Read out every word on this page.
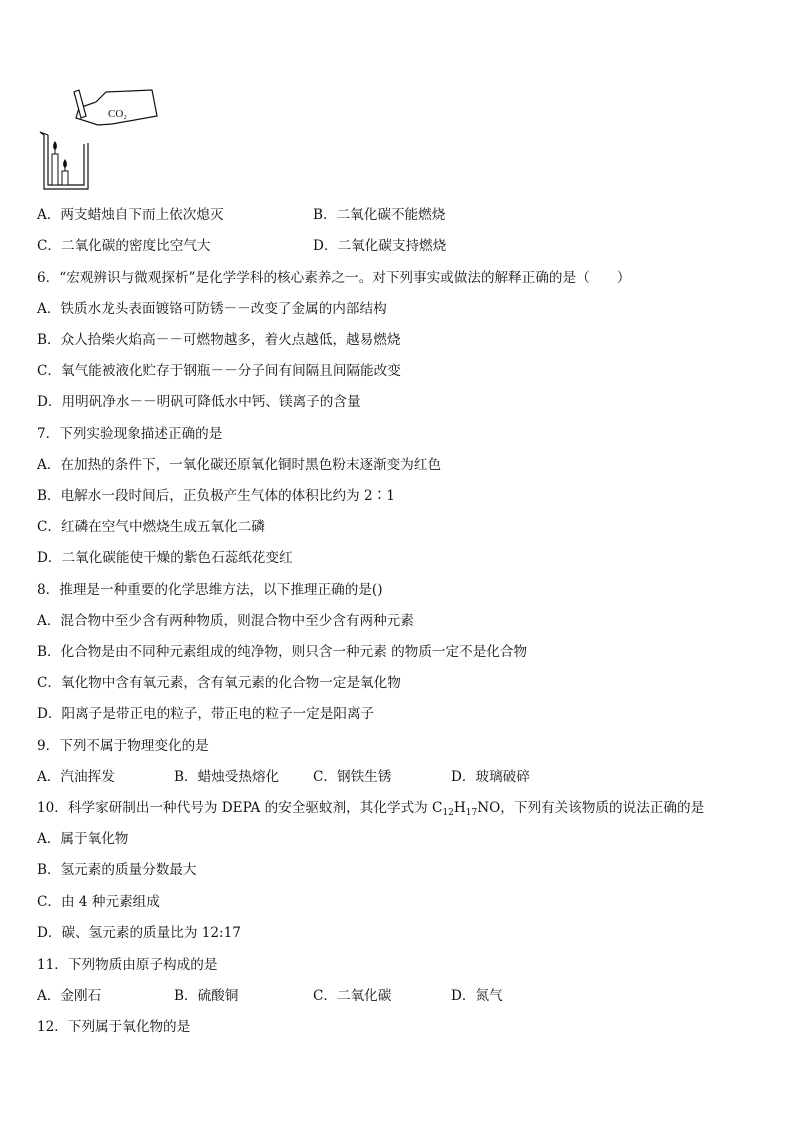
CO₂
A．两支蜡烛自下而上依次熄灭	B．二氧化碳不能燃烧
C．二氧化碳的密度比空气大	D．二氧化碳支持燃烧
6．“宏观辨识与微观探析”是化学学科的核心素养之一。对下列事实或做法的解释正确的是（　　）
A．铁质水龙头表面镀铬可防锈－－改变了金属的内部结构
B．众人拾柴火焰高－－可燃物越多，着火点越低，越易燃烧
C．氧气能被液化贮存于钢瓶－－分子间有间隔且间隔能改变
D．用明矾净水－－明矾可降低水中钙、镁离子的含量
7．下列实验现象描述正确的是
A．在加热的条件下，一氧化碳还原氧化铜时黑色粉末逐渐变为红色
B．电解水一段时间后，正负极产生气体的体积比约为 2∶1
C．红磷在空气中燃烧生成五氧化二磷
D．二氧化碳能使干燥的紫色石蕊纸花变红
8．推理是一种重要的化学思维方法，以下推理正确的是()
A．混合物中至少含有两种物质，则混合物中至少含有两种元素
B．化合物是由不同种元素组成的纯净物，则只含一种元素 的物质一定不是化合物
C．氧化物中含有氧元素，含有氧元素的化合物一定是氧化物
D．阳离子是带正电的粒子，带正电的粒子一定是阳离子
9．下列不属于物理变化的是
A．汽油挥发	B．蜡烛受热熔化 C．钢铁生锈	D．玻璃破碎
10．科学家研制出一种代号为 DEPA 的安全驱蚊剂，其化学式为 $C_{12}H_{17}NO$，下列有关该物质的说法正确的是
A．属于氧化物
B．氢元素的质量分数最大
C．由 4 种元素组成
D．碳、氢元素的质量比为 12:17
11．下列物质由原子构成的是
A．金刚石	B．硫酸铜	C．二氧化碳	D．氮气
12．下列属于氧化物的是
